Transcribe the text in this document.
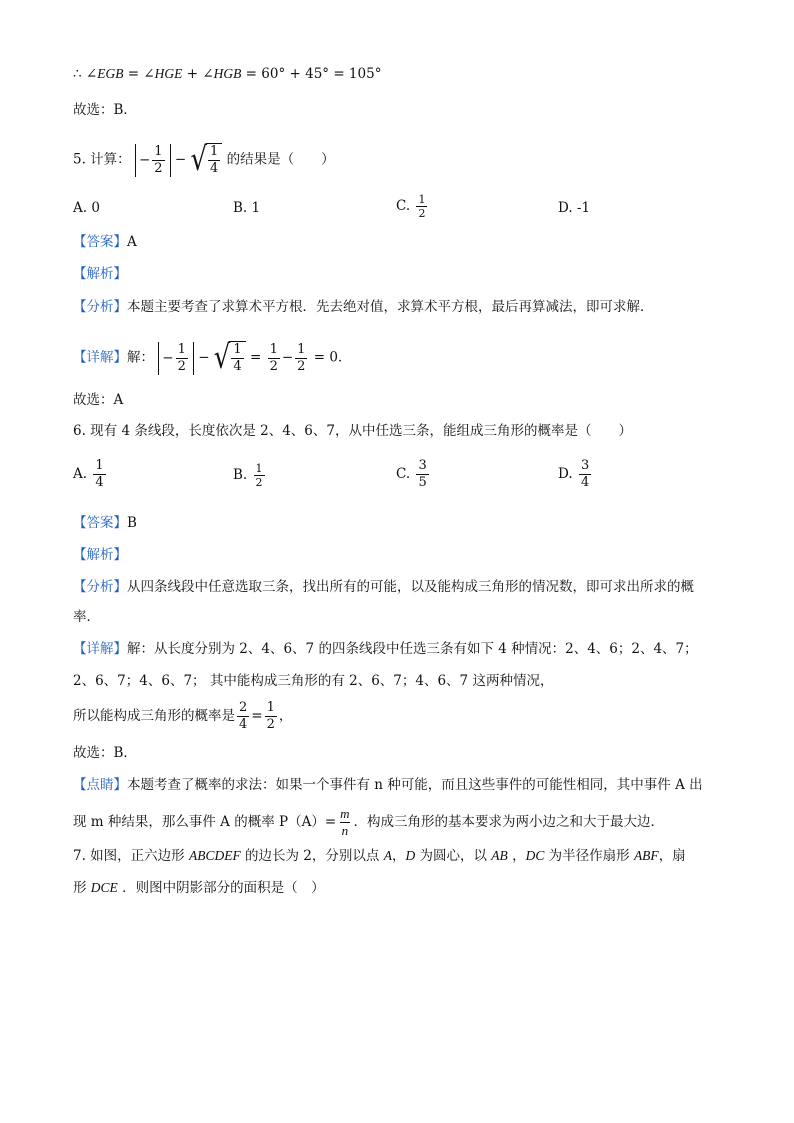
∴ ∠EGB = ∠HGE + ∠HGB = 60° + 45° = 105°
故选：B．
5. 计算： − $\frac{1}{2}$ − √ $\frac{1}{4}$ 的结果是（　　）
A. 0	B. 1	C. $\frac{1}{2}$	D. -1
【答案】A
【解析】
【分析】本题主要考查了求算术平方根．先去绝对值，求算术平方根，最后再算减法，即可求解．
【详解】解： − $\frac{1}{2}$ − √ $\frac{1}{4} = \frac{1}{2} - \frac{1}{2} = 0$．
故选：A
6. 现有 4 条线段，长度依次是 2、4、6、7，从中任选三条，能组成三角形的概率是（　　）
A. $\frac{1}{4}$	B. $\frac{1}{2}$	C. $\frac{3}{5}$	D. $\frac{3}{4}$
【答案】B
【解析】
【分析】从四条线段中任意选取三条，找出所有的可能，以及能构成三角形的情况数，即可求出所求的概
率．
【详解】解：从长度分别为 2、4、6、7 的四条线段中任选三条有如下 4 种情况：2、4、6；2、4、7；
2、6、7；4、6、7； 其中能构成三角形的有 2、6、7；4、6、7 这两种情况，
所以能构成三角形的概率是 $\frac{2}{4} = \frac{1}{2}$ ，
故选：B．
【点睛】本题考查了概率的求法：如果一个事件有 n 种可能，而且这些事件的可能性相同，其中事件 A 出
现 m 种结果，那么事件 A 的概率 $P(A)= \frac{m}{n}$ ．构成三角形的基本要求为两小边之和大于最大边．
7. 如图，正六边形 ABCDEF 的边长为 2，分别以点 A，D 为圆心，以 AB ，DC 为半径作扇形 ABF，扇
形 DCE ．则图中阴影部分的面积是（　）
